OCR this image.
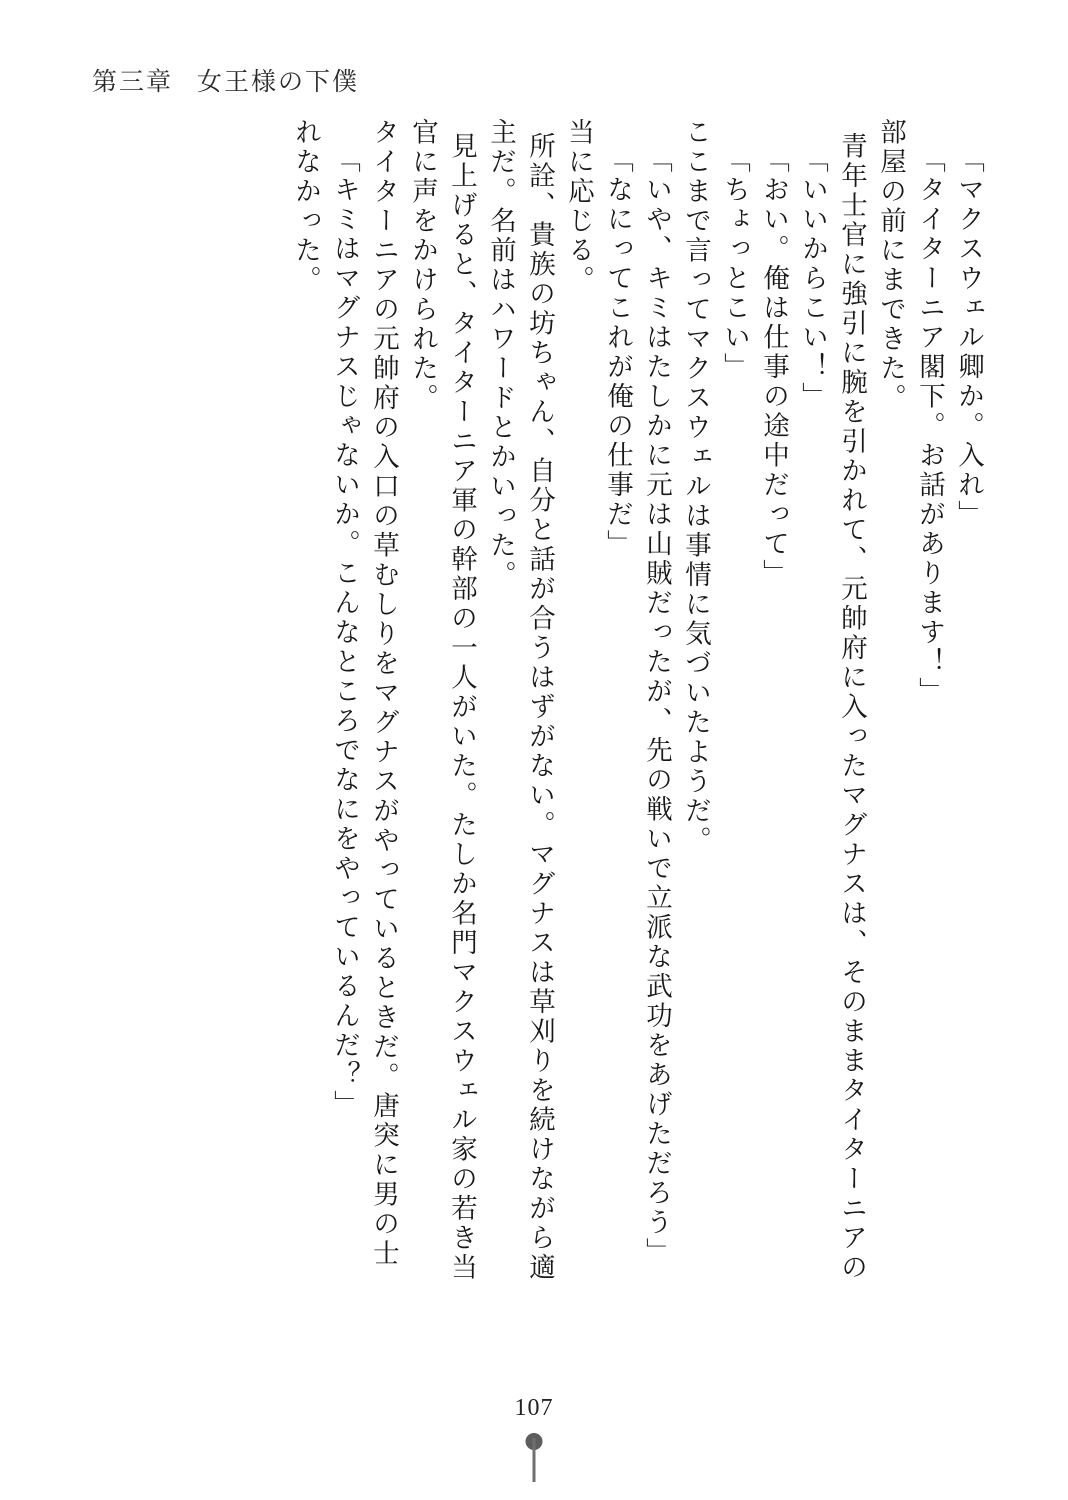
第三章 女王様の下僕
れなかった。 「キミはマグナスじゃないか。こんなところでなにをやっているんだ？」 タイターニアの元帥府の入口の草むしりをマグナスがやっているときだ。唐突に男の士 官に声をかけられた。 見上げると、タイターニア軍の幹部の一人がいた。たしか名門マクスウェル家の若き当 主だ。名前はハワードとかいった。 所詮、貴族の坊ちゃん、自分と話が合うはずがない。マグナスは草刈りを続けながら適 当に応じる。 「なにってこれが俺の仕事だ」 「いや、キミはたしかに元は山賊だったが、先の戦いで立派な武功をあげただろう」 ここまで言ってマクスウェルは事情に気づいたようだ。 「ちょっとこい」 「おい。俺は仕事の途中だって」 「いいからこい！」 青年士官に強引に腕を引かれて、元帥府に入ったマグナスは、そのままタイターニアの 部屋の前にまできた。 「タイターニア閣下。お話があります！」 「マクスウェル卿か。入れ」
107
